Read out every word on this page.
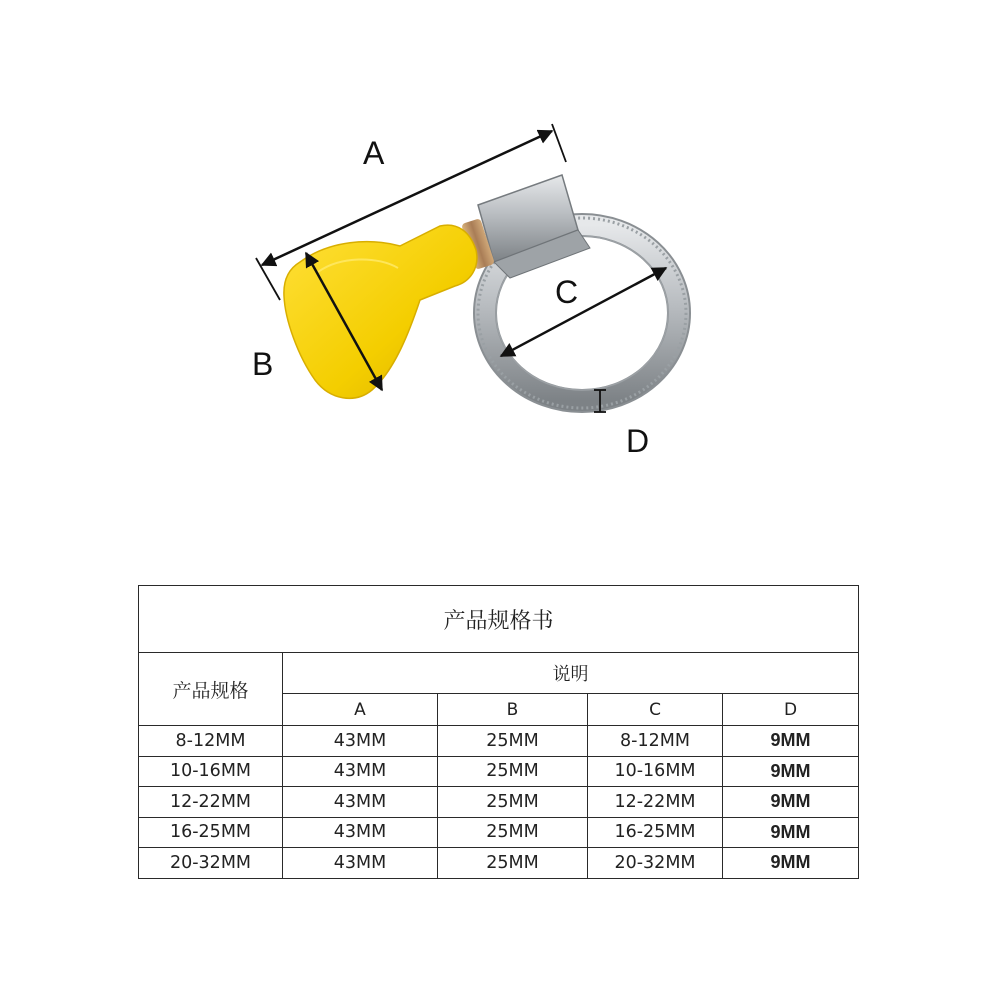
A
B
C
D
产品规格书				
产品规格	说明			
	A	B	C	D
8-12MM	43MM	25MM	8-12MM	9MM
10-16MM	43MM	25MM	10-16MM	9MM
12-22MM	43MM	25MM	12-22MM	9MM
16-25MM	43MM	25MM	16-25MM	9MM
20-32MM	43MM	25MM	20-32MM	9MM
